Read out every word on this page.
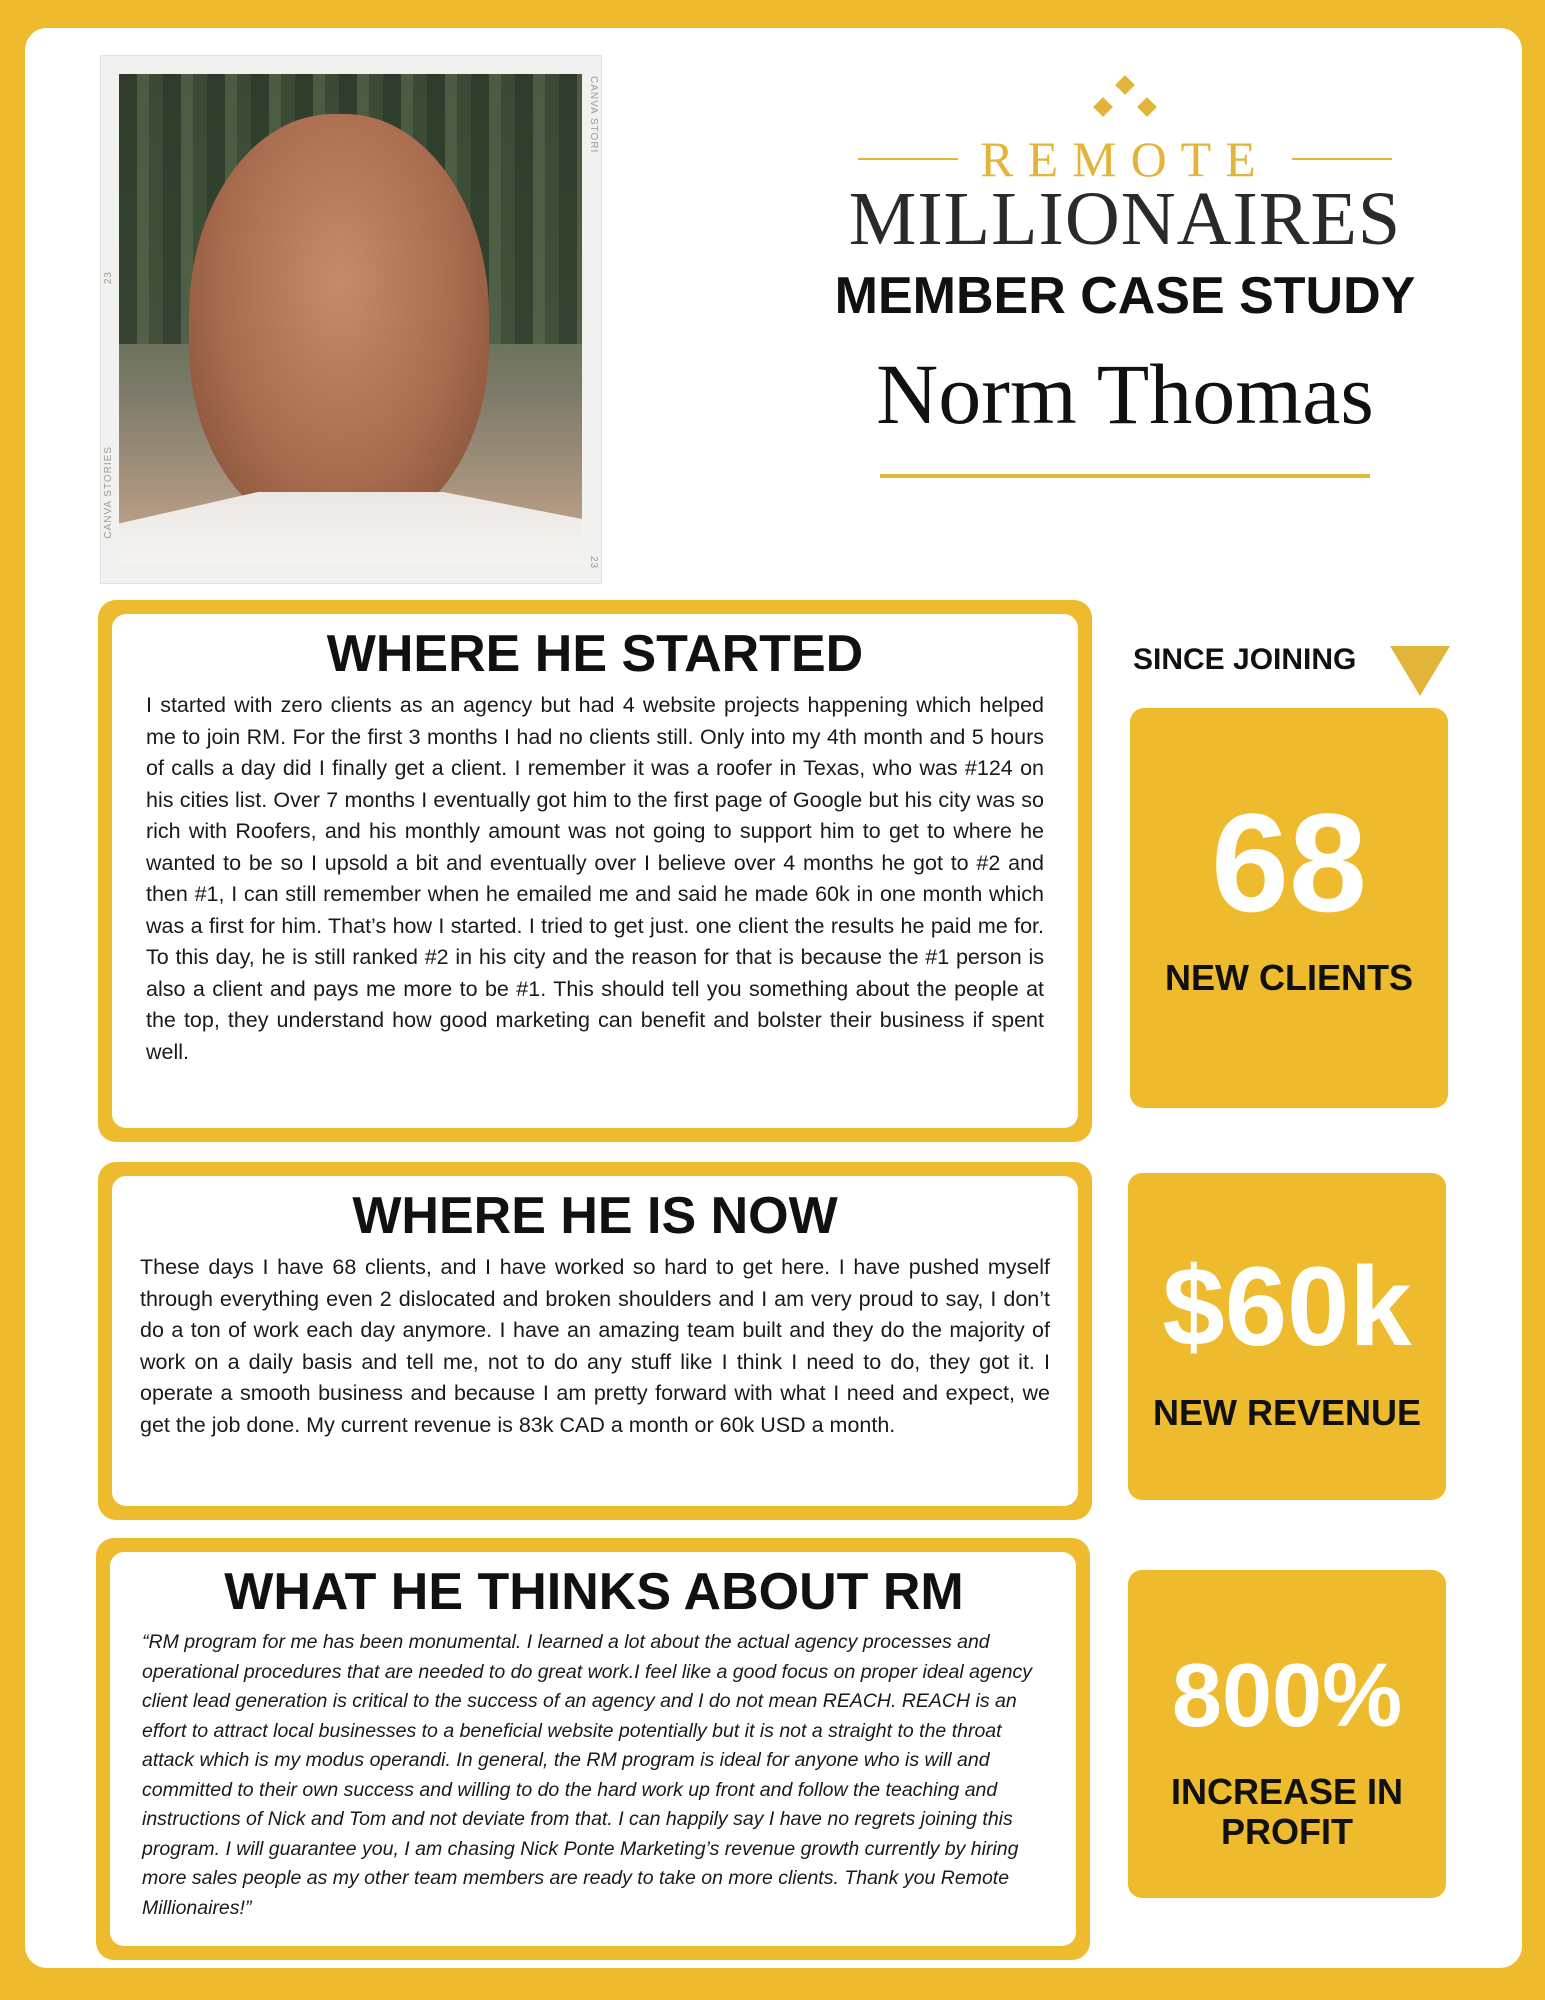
CANVA STORI
23
CANVA STORIES
23
REMOTE
MILLIONAIRES
MEMBER CASE STUDY
Norm Thomas
WHERE HE STARTED

I started with zero clients as an agency but had 4 website projects happening which helped me to join RM. For the first 3 months I had no clients still. Only into my 4th month and 5 hours of calls a day did I finally get a client. I remember it was a roofer in Texas, who was #124 on his cities list. Over 7 months I eventually got him to the first page of Google but his city was so rich with Roofers, and his monthly amount was not going to support him to get to where he wanted to be so I upsold a bit and eventually over I believe over 4 months he got to #2 and then #1, I can still remember when he emailed me and said he made 60k in one month which was a first for him. That’s how I started. I tried to get just. one client the results he paid me for. To this day, he is still ranked #2 in his city and the reason for that is because the #1 person is also a client and pays me more to be #1. This should tell you something about the people at the top, they understand how good marketing can benefit and bolster their business if spent well.

WHERE HE IS NOW

These days I have 68 clients, and I have worked so hard to get here. I have pushed myself through everything even 2 dislocated and broken shoulders and I am very proud to say, I don’t do a ton of work each day anymore. I have an amazing team built and they do the majority of work on a daily basis and tell me, not to do any stuff like I think I need to do, they got it. I operate a smooth business and because I am pretty forward with what I need and expect, we get the job done. My current revenue is 83k CAD a month or 60k USD a month.

WHAT HE THINKS ABOUT RM

“RM program for me has been monumental. I learned a lot about the actual agency processes and operational procedures that are needed to do great work.I feel like a good focus on proper ideal agency client lead generation is critical to the success of an agency and I do not mean REACH. REACH is an effort to attract local businesses to a beneficial website potentially but it is not a straight to the throat attack which is my modus operandi. In general, the RM program is ideal for anyone who is will and committed to their own success and willing to do the hard work up front and follow the teaching and instructions of Nick and Tom and not deviate from that. I can happily say I have no regrets joining this program. I will guarantee you, I am chasing Nick Ponte Marketing’s revenue growth currently by hiring more sales people as my other team members are ready to take on more clients. Thank you Remote Millionaires!”

SINCE JOINING
68
NEW CLIENTS
$60k
NEW REVENUE
800%
INCREASE IN PROFIT
